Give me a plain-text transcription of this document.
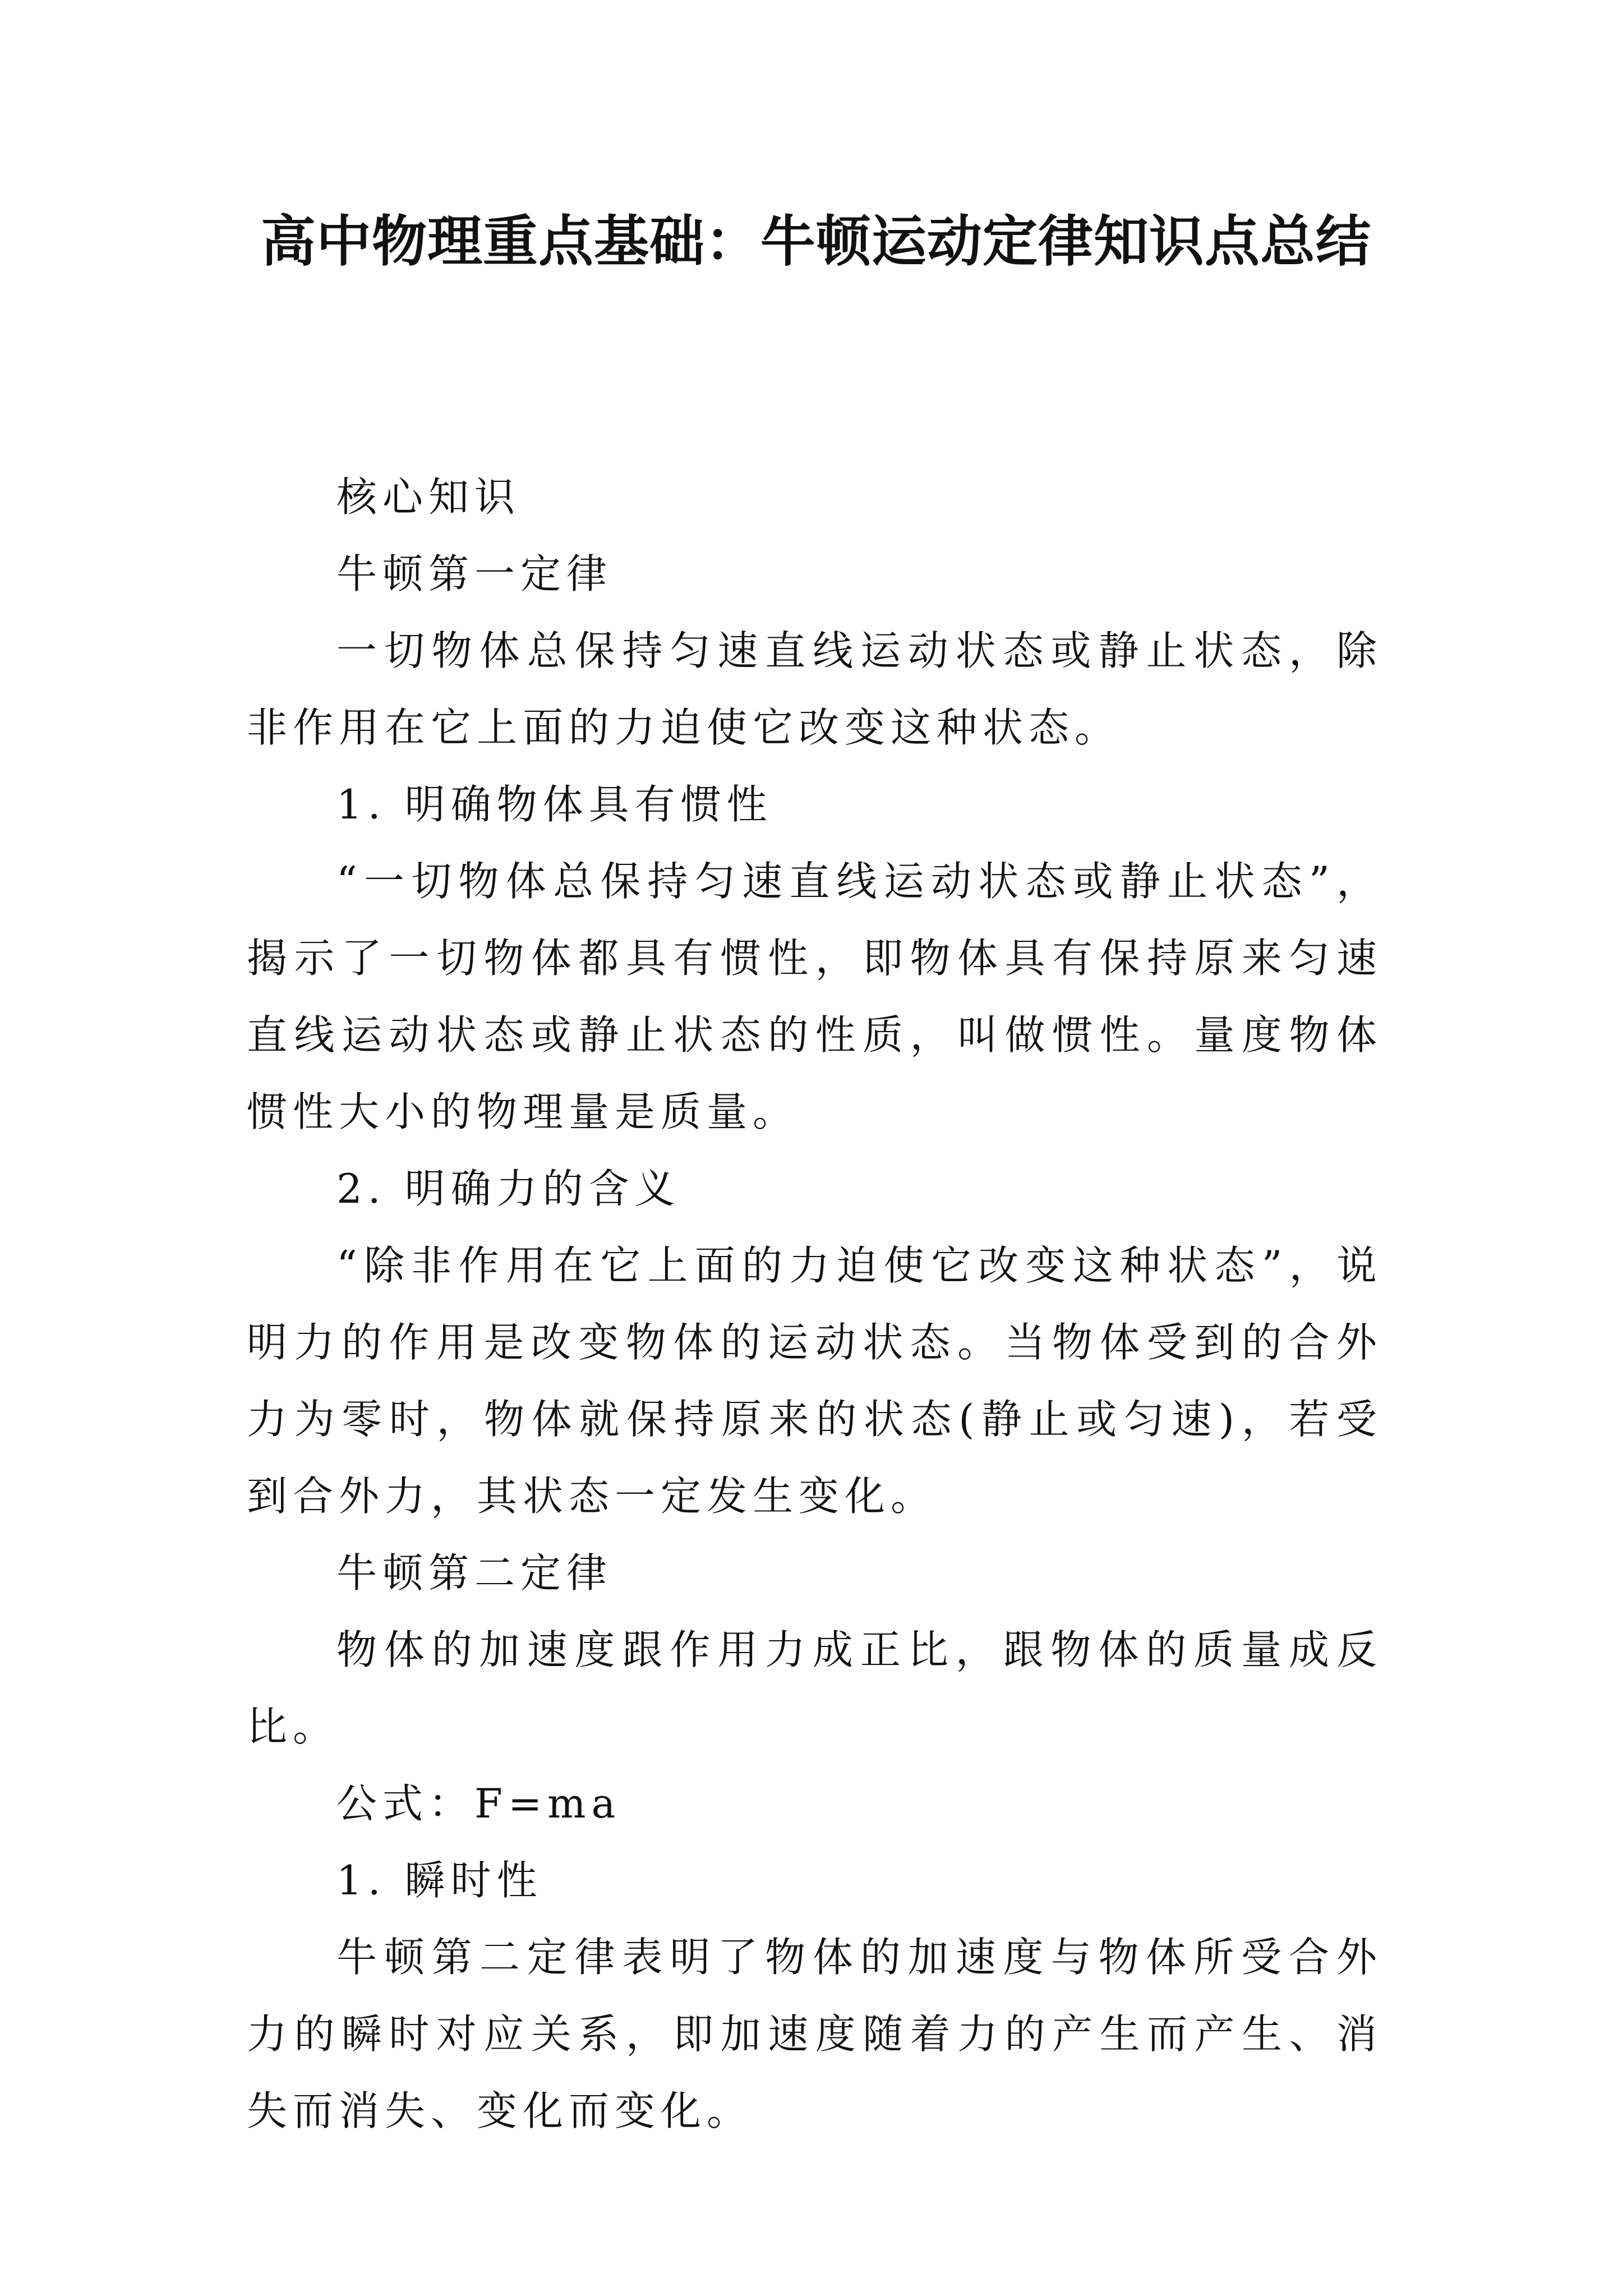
高中物理重点基础：牛顿运动定律知识点总结

核心知识

牛顿第一定律

一切物体总保持匀速直线运动状态或静止状态，除非作用在它上面的力迫使它改变这种状态。

1. 明确物体具有惯性

“一切物体总保持匀速直线运动状态或静止状态”，揭示了一切物体都具有惯性，即物体具有保持原来匀速直线运动状态或静止状态的性质，叫做惯性。量度物体惯性大小的物理量是质量。

2. 明确力的含义

“除非作用在它上面的力迫使它改变这种状态”，说明力的作用是改变物体的运动状态。当物体受到的合外力为零时，物体就保持原来的状态(静止或匀速)，若受到合外力，其状态一定发生变化。

牛顿第二定律

物体的加速度跟作用力成正比，跟物体的质量成反比。

公式：F=ma

1. 瞬时性

牛顿第二定律表明了物体的加速度与物体所受合外力的瞬时对应关系，即加速度随着力的产生而产生、消失而消失、变化而变化。
